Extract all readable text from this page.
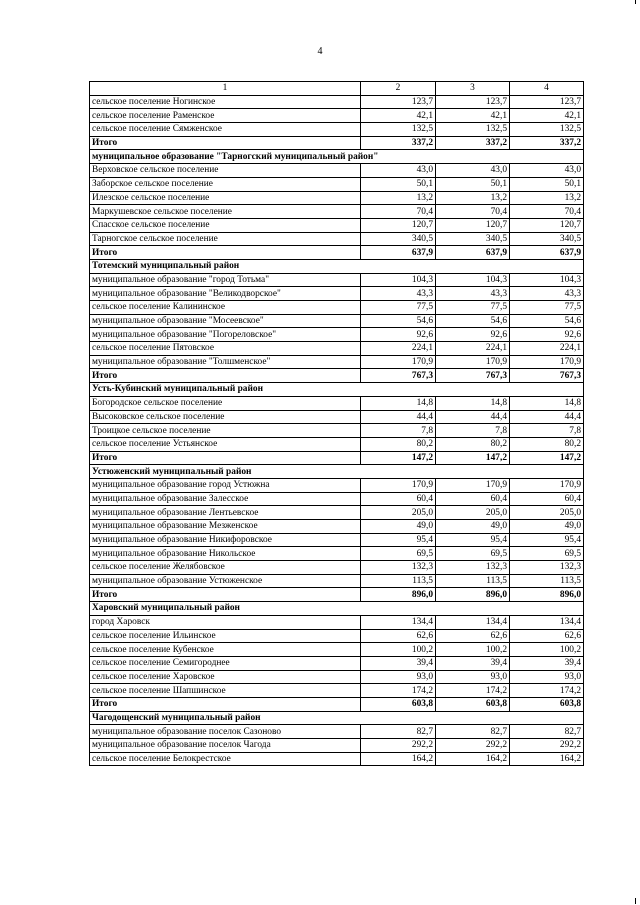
4
1	2	3	4
сельское поселение Ногинское	123,7	123,7	123,7
сельское поселение Раменское	42,1	42,1	42,1
сельское поселение Сямженское	132,5	132,5	132,5
Итого	337,2	337,2	337,2
муниципальное образование "Тарногский муниципальный район"			
Верховское сельское поселение	43,0	43,0	43,0
Заборское сельское поселение	50,1	50,1	50,1
Илезское сельское поселение	13,2	13,2	13,2
Маркушевское сельское поселение	70,4	70,4	70,4
Спасское сельское поселение	120,7	120,7	120,7
Тарногское сельское поселение	340,5	340,5	340,5
Итого	637,9	637,9	637,9
Тотемский муниципальный район			
муниципальное образование "город Тотьма"	104,3	104,3	104,3
муниципальное образование "Великодворское"	43,3	43,3	43,3
сельское поселение Калининское	77,5	77,5	77,5
муниципальное образование "Мосеевское"	54,6	54,6	54,6
муниципальное образование "Погореловское"	92,6	92,6	92,6
сельское поселение Пятовское	224,1	224,1	224,1
муниципальное образование "Толшменское"	170,9	170,9	170,9
Итого	767,3	767,3	767,3
Усть-Кубинский муниципальный район			
Богородское сельское поселение	14,8	14,8	14,8
Высоковское сельское поселение	44,4	44,4	44,4
Троицкое сельское поселение	7,8	7,8	7,8
сельское поселение Устьянское	80,2	80,2	80,2
Итого	147,2	147,2	147,2
Устюженский муниципальный район			
муниципальное образование город Устюжна	170,9	170,9	170,9
муниципальное образование Залесское	60,4	60,4	60,4
муниципальное образование Лентьевское	205,0	205,0	205,0
муниципальное образование Мезженское	49,0	49,0	49,0
муниципальное образование Никифоровское	95,4	95,4	95,4
муниципальное образование Никольское	69,5	69,5	69,5
сельское поселение Желябовское	132,3	132,3	132,3
муниципальное образование Устюженское	113,5	113,5	113,5
Итого	896,0	896,0	896,0
Харовский муниципальный район			
город Харовск	134,4	134,4	134,4
сельское поселение Ильинское	62,6	62,6	62,6
сельское поселение Кубенское	100,2	100,2	100,2
сельское поселение Семигороднее	39,4	39,4	39,4
сельское поселение Харовское	93,0	93,0	93,0
сельское поселение Шапшинское	174,2	174,2	174,2
Итого	603,8	603,8	603,8
Чагодощенский муниципальный район			
муниципальное образование поселок Сазоново	82,7	82,7	82,7
муниципальное образование поселок Чагода	292,2	292,2	292,2
сельское поселение Белокрестское	164,2	164,2	164,2
